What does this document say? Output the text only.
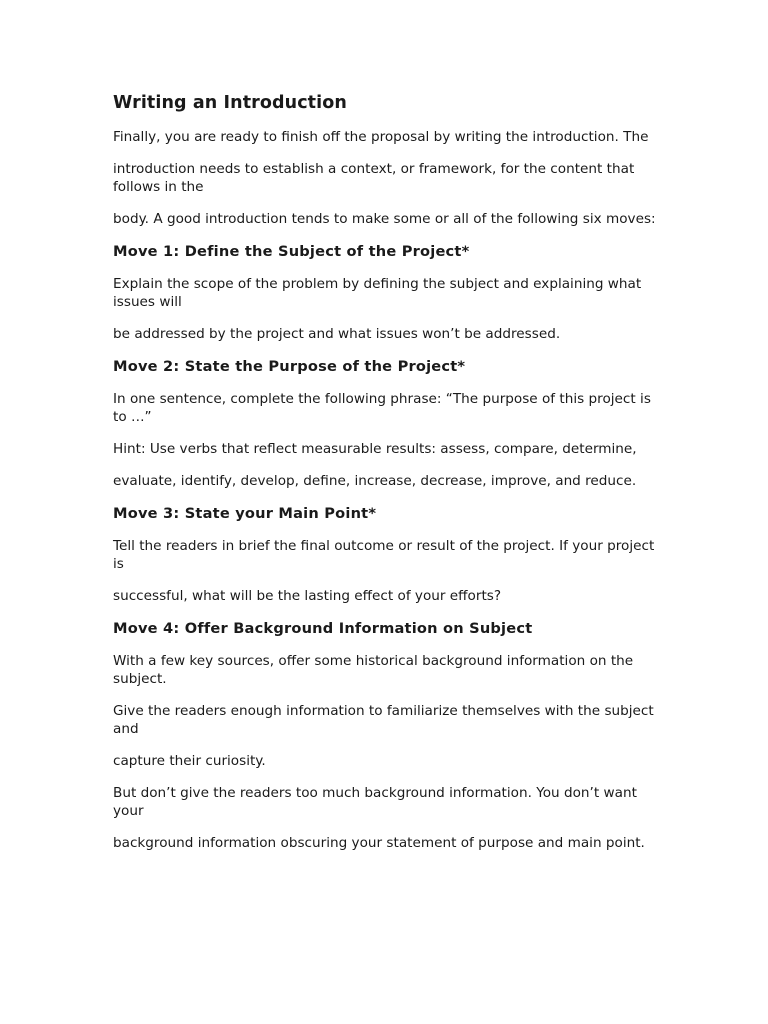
Writing an Introduction
Finally, you are ready to finish off the proposal by writing the introduction. The
introduction needs to establish a context, or framework, for the content that follows in the
body. A good introduction tends to make some or all of the following six moves:
Move 1: Define the Subject of the Project*
Explain the scope of the problem by defining the subject and explaining what issues will
be addressed by the project and what issues won’t be addressed.
Move 2: State the Purpose of the Project*
In one sentence, complete the following phrase: “The purpose of this project is to …”
Hint: Use verbs that reflect measurable results: assess, compare, determine,
evaluate, identify, develop, define, increase, decrease, improve, and reduce.
Move 3: State your Main Point*
Tell the readers in brief the final outcome or result of the project. If your project is
successful, what will be the lasting effect of your efforts?
Move 4: Offer Background Information on Subject
With a few key sources, offer some historical background information on the subject.
Give the readers enough information to familiarize themselves with the subject and
capture their curiosity.
But don’t give the readers too much background information. You don’t want your
background information obscuring your statement of purpose and main point.
